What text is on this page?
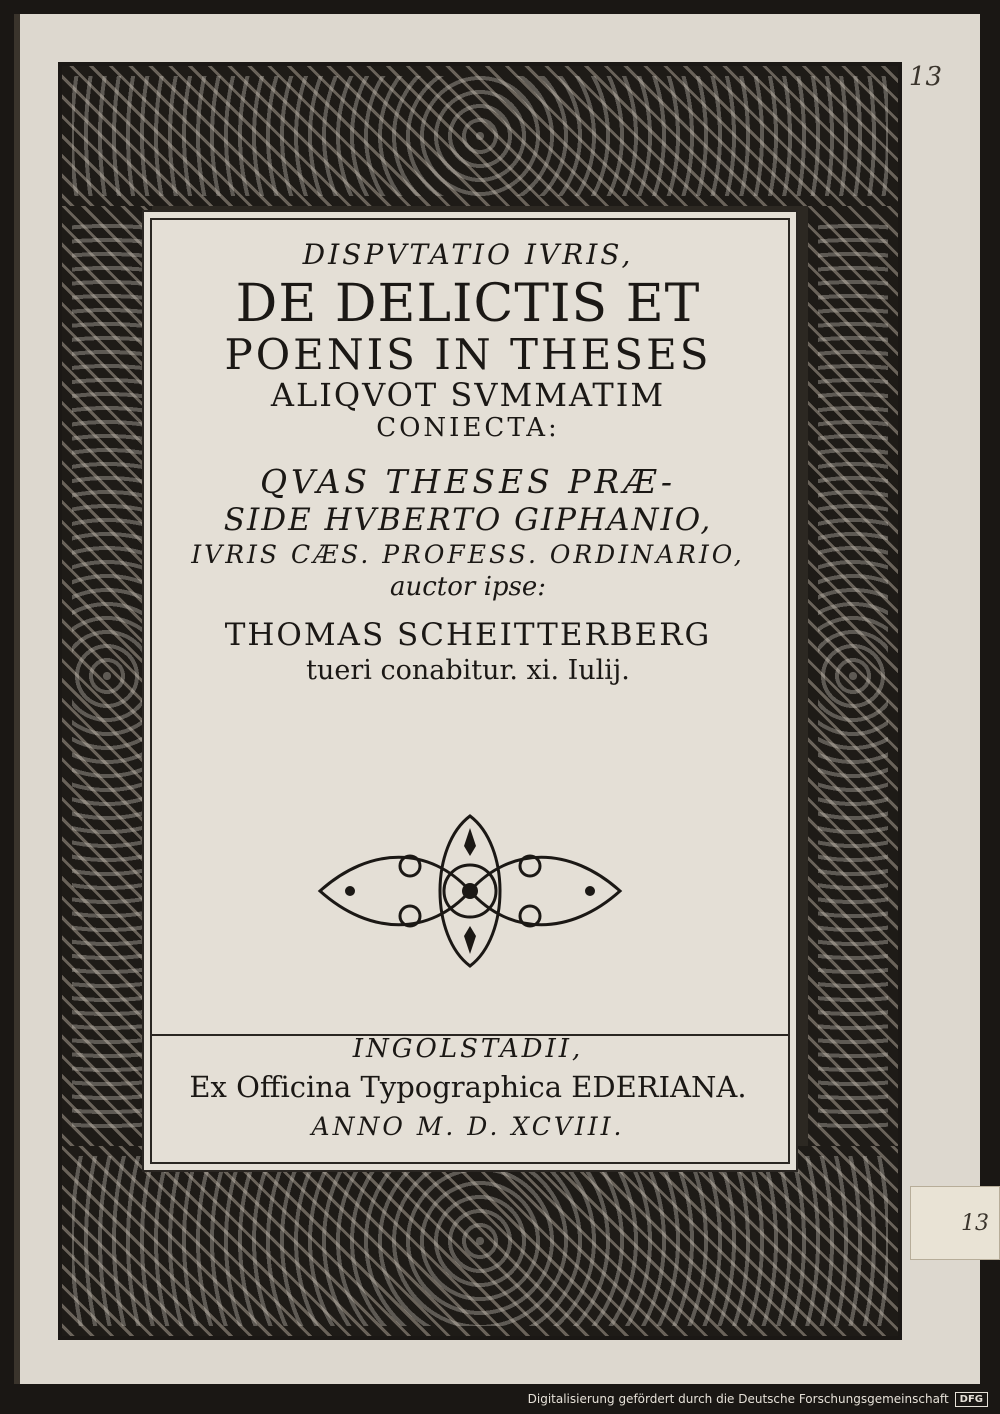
13
13
DISPVTATIO IVRIS,
DE DELICTIS ET
POENIS IN THESES
ALIQVOT SVMMATIM
CONIECTA:
QVAS THESES PRÆ-
SIDE HVBERTO GIPHANIO,
IVRIS CÆS. PROFESS. ORDINARIO,
auctor ipse:
THOMAS SCHEITTERBERG
tueri conabitur. xi. Iulij.
INGOLSTADII,
Ex Officina Typographica EDERIANA.
ANNO M. D. XCVIII.
Digitalisierung gefördert durch die Deutsche Forschungsgemeinschaft	DFG
